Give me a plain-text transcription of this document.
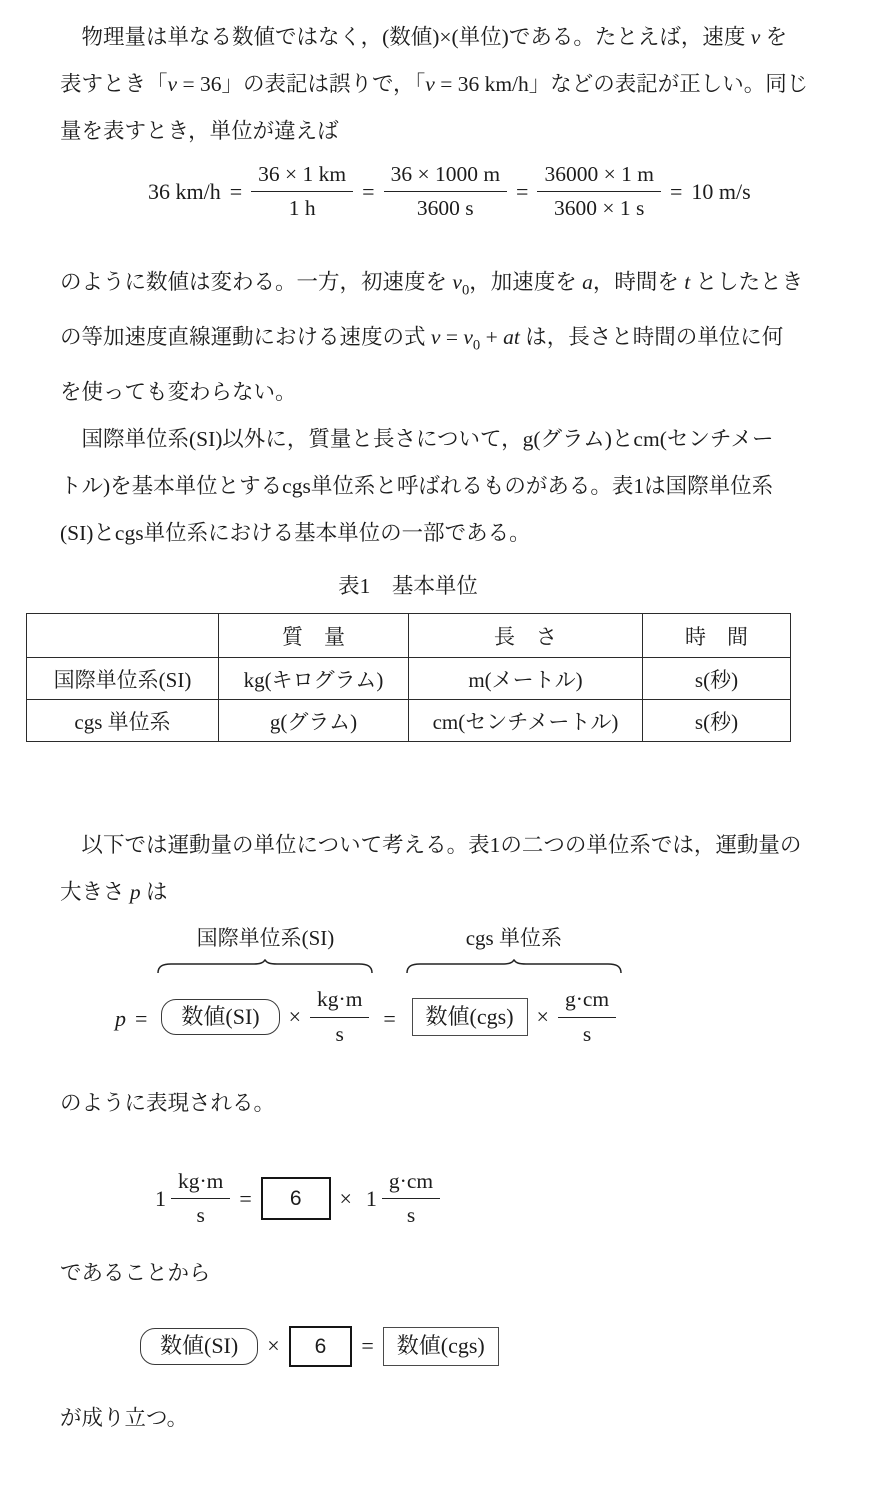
物理量は単なる数値ではなく，(数値)×(単位)である。たとえば，速度 v を
表すとき「v = 36」の表記は誤りで，「v = 36 km/h」などの表記が正しい。同じ
量を表すとき，単位が違えば
36 $km/h = \frac{36 \times 1 km}{1 h} = \frac{36 \times 1000 m}{3600 s} = \frac{36000 \times 1 m}{3600 \times 1 s} = 10$ m/s
のように数値は変わる。一方，初速度を $v_0$，加速度を a，時間を t としたとき
の等加速度直線運動における速度の式 $v = v_0$ + at は，長さと時間の単位に何
を使っても変わらない。
国際単位系(SI)以外に，質量と長さについて，g(グラム)とcm(センチメー
トル)を基本単位とするcgs単位系と呼ばれるものがある。表1は国際単位系
(SI)とcgs単位系における基本単位の一部である。
表1　基本単位
	質　量	長　さ	時　間
国際単位系(SI)	kg(キログラム)	m(メートル)	s(秒)
cgs 単位系	g(グラム)	cm(センチメートル)	s(秒)
以下では運動量の単位について考える。表1の二つの単位系では，運動量の
大きさ p は
p =
国際単位系(SI)
数値(SI)	× $\frac{kg\cdot m}{s}$ =
cgs 単位系
数値(cgs)	× $\frac{g\cdot cm}{s}$
のように表現される。
$1 \frac{kg\cdot m}{s}$ =	6	× $1 \frac{g\cdot cm}{s}$
であることから
数値(SI)	×	6	=	数値(cgs)
が成り立つ。
